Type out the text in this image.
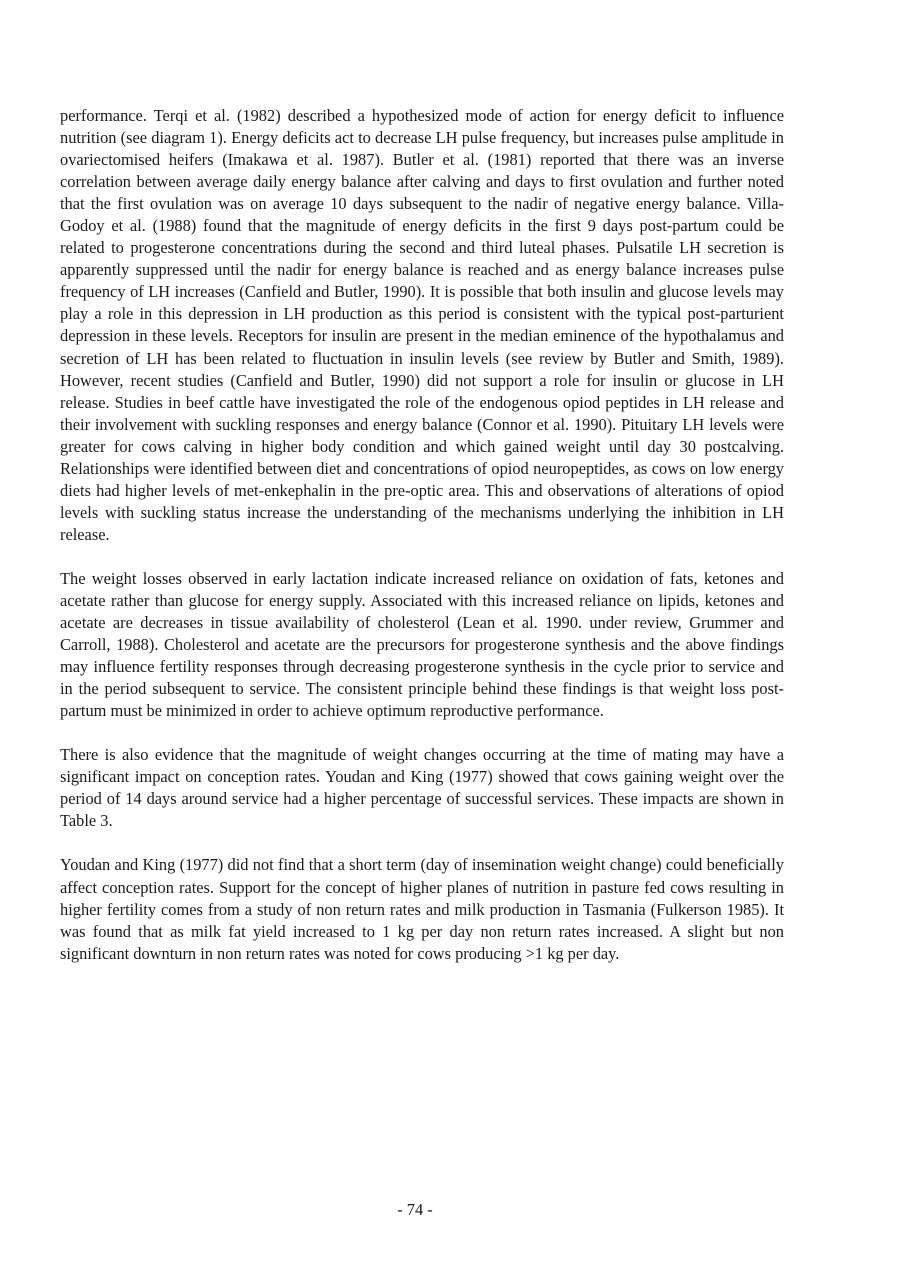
performance. Terqi et al. (1982) described a hypothesized mode of action for energy deficit to influence nutrition (see diagram 1). Energy deficits act to decrease LH pulse frequency, but increases pulse amplitude in ovariectomised heifers (Imakawa et al. 1987). Butler et al. (1981) reported that there was an inverse correlation between average daily energy balance after calving and days to first ovulation and further noted that the first ovulation was on average 10 days subsequent to the nadir of negative energy balance. Villa-Godoy et al. (1988) found that the magnitude of energy deficits in the first 9 days post-partum could be related to progesterone concentrations during the second and third luteal phases. Pulsatile LH secretion is apparently suppressed until the nadir for energy balance is reached and as energy balance increases pulse frequency of LH increases (Canfield and Butler, 1990). It is possible that both insulin and glucose levels may play a role in this depression in LH production as this period is consistent with the typical post-parturient depression in these levels. Receptors for insulin are present in the median eminence of the hypothalamus and secretion of LH has been related to fluctuation in insulin levels (see review by Butler and Smith, 1989). However, recent studies (Canfield and Butler, 1990) did not support a role for insulin or glucose in LH release. Studies in beef cattle have investigated the role of the endogenous opiod peptides in LH release and their involvement with suckling responses and energy balance (Connor et al. 1990). Pituitary LH levels were greater for cows calving in higher body condition and which gained weight until day 30 postcalving. Relationships were identified between diet and concentrations of opiod neuropeptides, as cows on low energy diets had higher levels of met-enkephalin in the pre-optic area. This and observations of alterations of opiod levels with suckling status increase the understanding of the mechanisms underlying the inhibition in LH release.

The weight losses observed in early lactation indicate increased reliance on oxidation of fats, ketones and acetate rather than glucose for energy supply. Associated with this increased reliance on lipids, ketones and acetate are decreases in tissue availability of cholesterol (Lean et al. 1990. under review, Grummer and Carroll, 1988). Cholesterol and acetate are the precursors for progesterone synthesis and the above findings may influence fertility responses through decreasing progesterone synthesis in the cycle prior to service and in the period subsequent to service. The consistent principle behind these findings is that weight loss post-partum must be minimized in order to achieve optimum reproductive performance.

There is also evidence that the magnitude of weight changes occurring at the time of mating may have a significant impact on conception rates. Youdan and King (1977) showed that cows gaining weight over the period of 14 days around service had a higher percentage of successful services. These impacts are shown in Table 3.

Youdan and King (1977) did not find that a short term (day of insemination weight change) could beneficially affect conception rates. Support for the concept of higher planes of nutrition in pasture fed cows resulting in higher fertility comes from a study of non return rates and milk production in Tasmania (Fulkerson 1985). It was found that as milk fat yield increased to 1 kg per day non return rates increased. A slight but non significant downturn in non return rates was noted for cows producing >1 kg per day.

- 74 -
